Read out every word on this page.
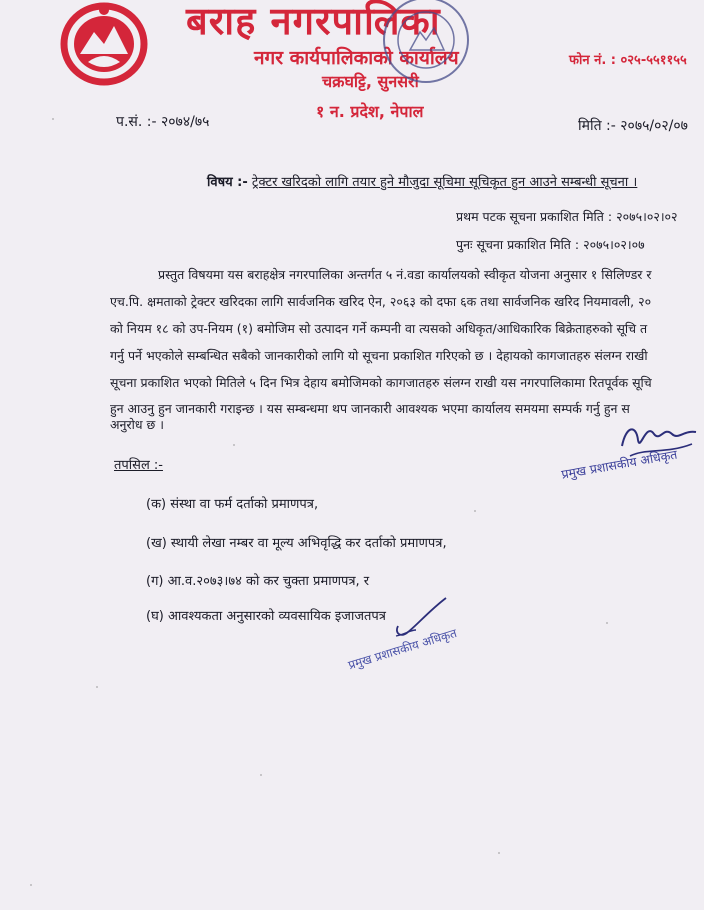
बराह नगरपालिका
नगर कार्यपालिकाको कार्यालय	फोन नं. : ०२५-५५११५५
चक्रघट्टि, सुनसरी
१ न. प्रदेश, नेपाल
प.सं. :- २०७४/७५	मिति :- २०७५/०२/०७
विषय :- ट्रेक्टर खरिदको लागि तयार हुने मौजुदा सूचिमा सूचिकृत हुन आउने सम्बन्धी सूचना ।
प्रथम पटक सूचना प्रकाशित मिति : २०७५।०२।०२
पुनः सूचना प्रकाशित मिति : २०७५।०२।०७
प्रस्तुत विषयमा यस बराहक्षेत्र नगरपालिका अन्तर्गत ५ नं.वडा कार्यालयको स्वीकृत योजना अनुसार १ सिलिण्डर र
एच.पि. क्षमताको ट्रेक्टर खरिदका लागि सार्वजनिक खरिद ऐन, २०६३ को दफा ६क तथा सार्वजनिक खरिद नियमावली, २०
को नियम १८ को उप-नियम (१) बमोजिम सो उत्पादन गर्ने कम्पनी वा त्यसको अधिकृत/आधिकारिक बिक्रेताहरुको सूचि त
गर्नु पर्ने भएकोले सम्बन्धित सबैको जानकारीको लागि यो सूचना प्रकाशित गरिएको छ । देहायको कागजातहरु संलग्न राखी
सूचना प्रकाशित भएको मितिले ५ दिन भित्र देहाय बमोजिमको कागजातहरु संलग्न राखी यस नगरपालिकामा रितपूर्वक सूचि
हुन आउनु हुन जानकारी गराइन्छ । यस सम्बन्धमा थप जानकारी आवश्यक भएमा कार्यालय समयमा सम्पर्क गर्नु हुन स
अनुरोध छ ।
प्रमुख प्रशासकीय अधिकृत
तपसिल :-
(क) संस्था वा फर्म दर्ताको प्रमाणपत्र,
(ख) स्थायी लेखा नम्बर वा मूल्य अभिवृद्धि कर दर्ताको प्रमाणपत्र,
(ग) आ.व.२०७३।७४ को कर चुक्ता प्रमाणपत्र, र
(घ) आवश्यकता अनुसारको व्यवसायिक इजाजतपत्र
प्रमुख प्रशासकीय अधिकृत
